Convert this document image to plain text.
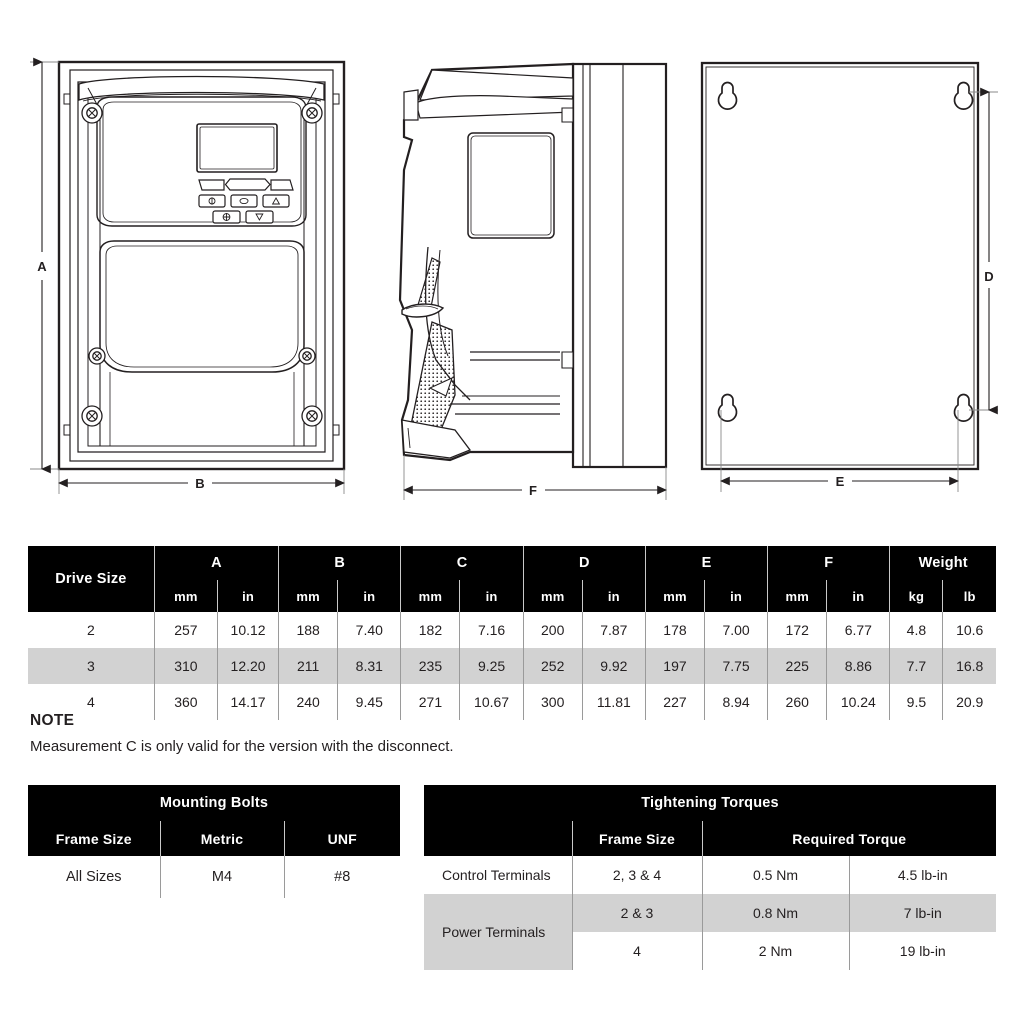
A
B	F
D
E
Drive Size	A		B		C		D		E		F		Weight	
	mm	in	mm	in	mm	in	mm	in	mm	in	mm	in	kg	lb
2	257	10.12	188	7.40	182	7.16	200	7.87	178	7.00	172	6.77	4.8	10.6
3	310	12.20	211	8.31	235	9.25	252	9.92	197	7.75	225	8.86	7.7	16.8
4	360	14.17	240	9.45	271	10.67	300	11.81	227	8.94	260	10.24	9.5	20.9

NOTE

Measurement C is only valid for the version with the disconnect.

Mounting Bolts		
Frame Size	Metric	UNF
All Sizes	M4	#8
Tightening Torques			
	Frame Size	Required Torque	
Control Terminals	2, 3 & 4	0.5 Nm	4.5 lb-in
Power Terminals	2 & 3	0.8 Nm	7 lb-in
	4	2 Nm	19 lb-in
